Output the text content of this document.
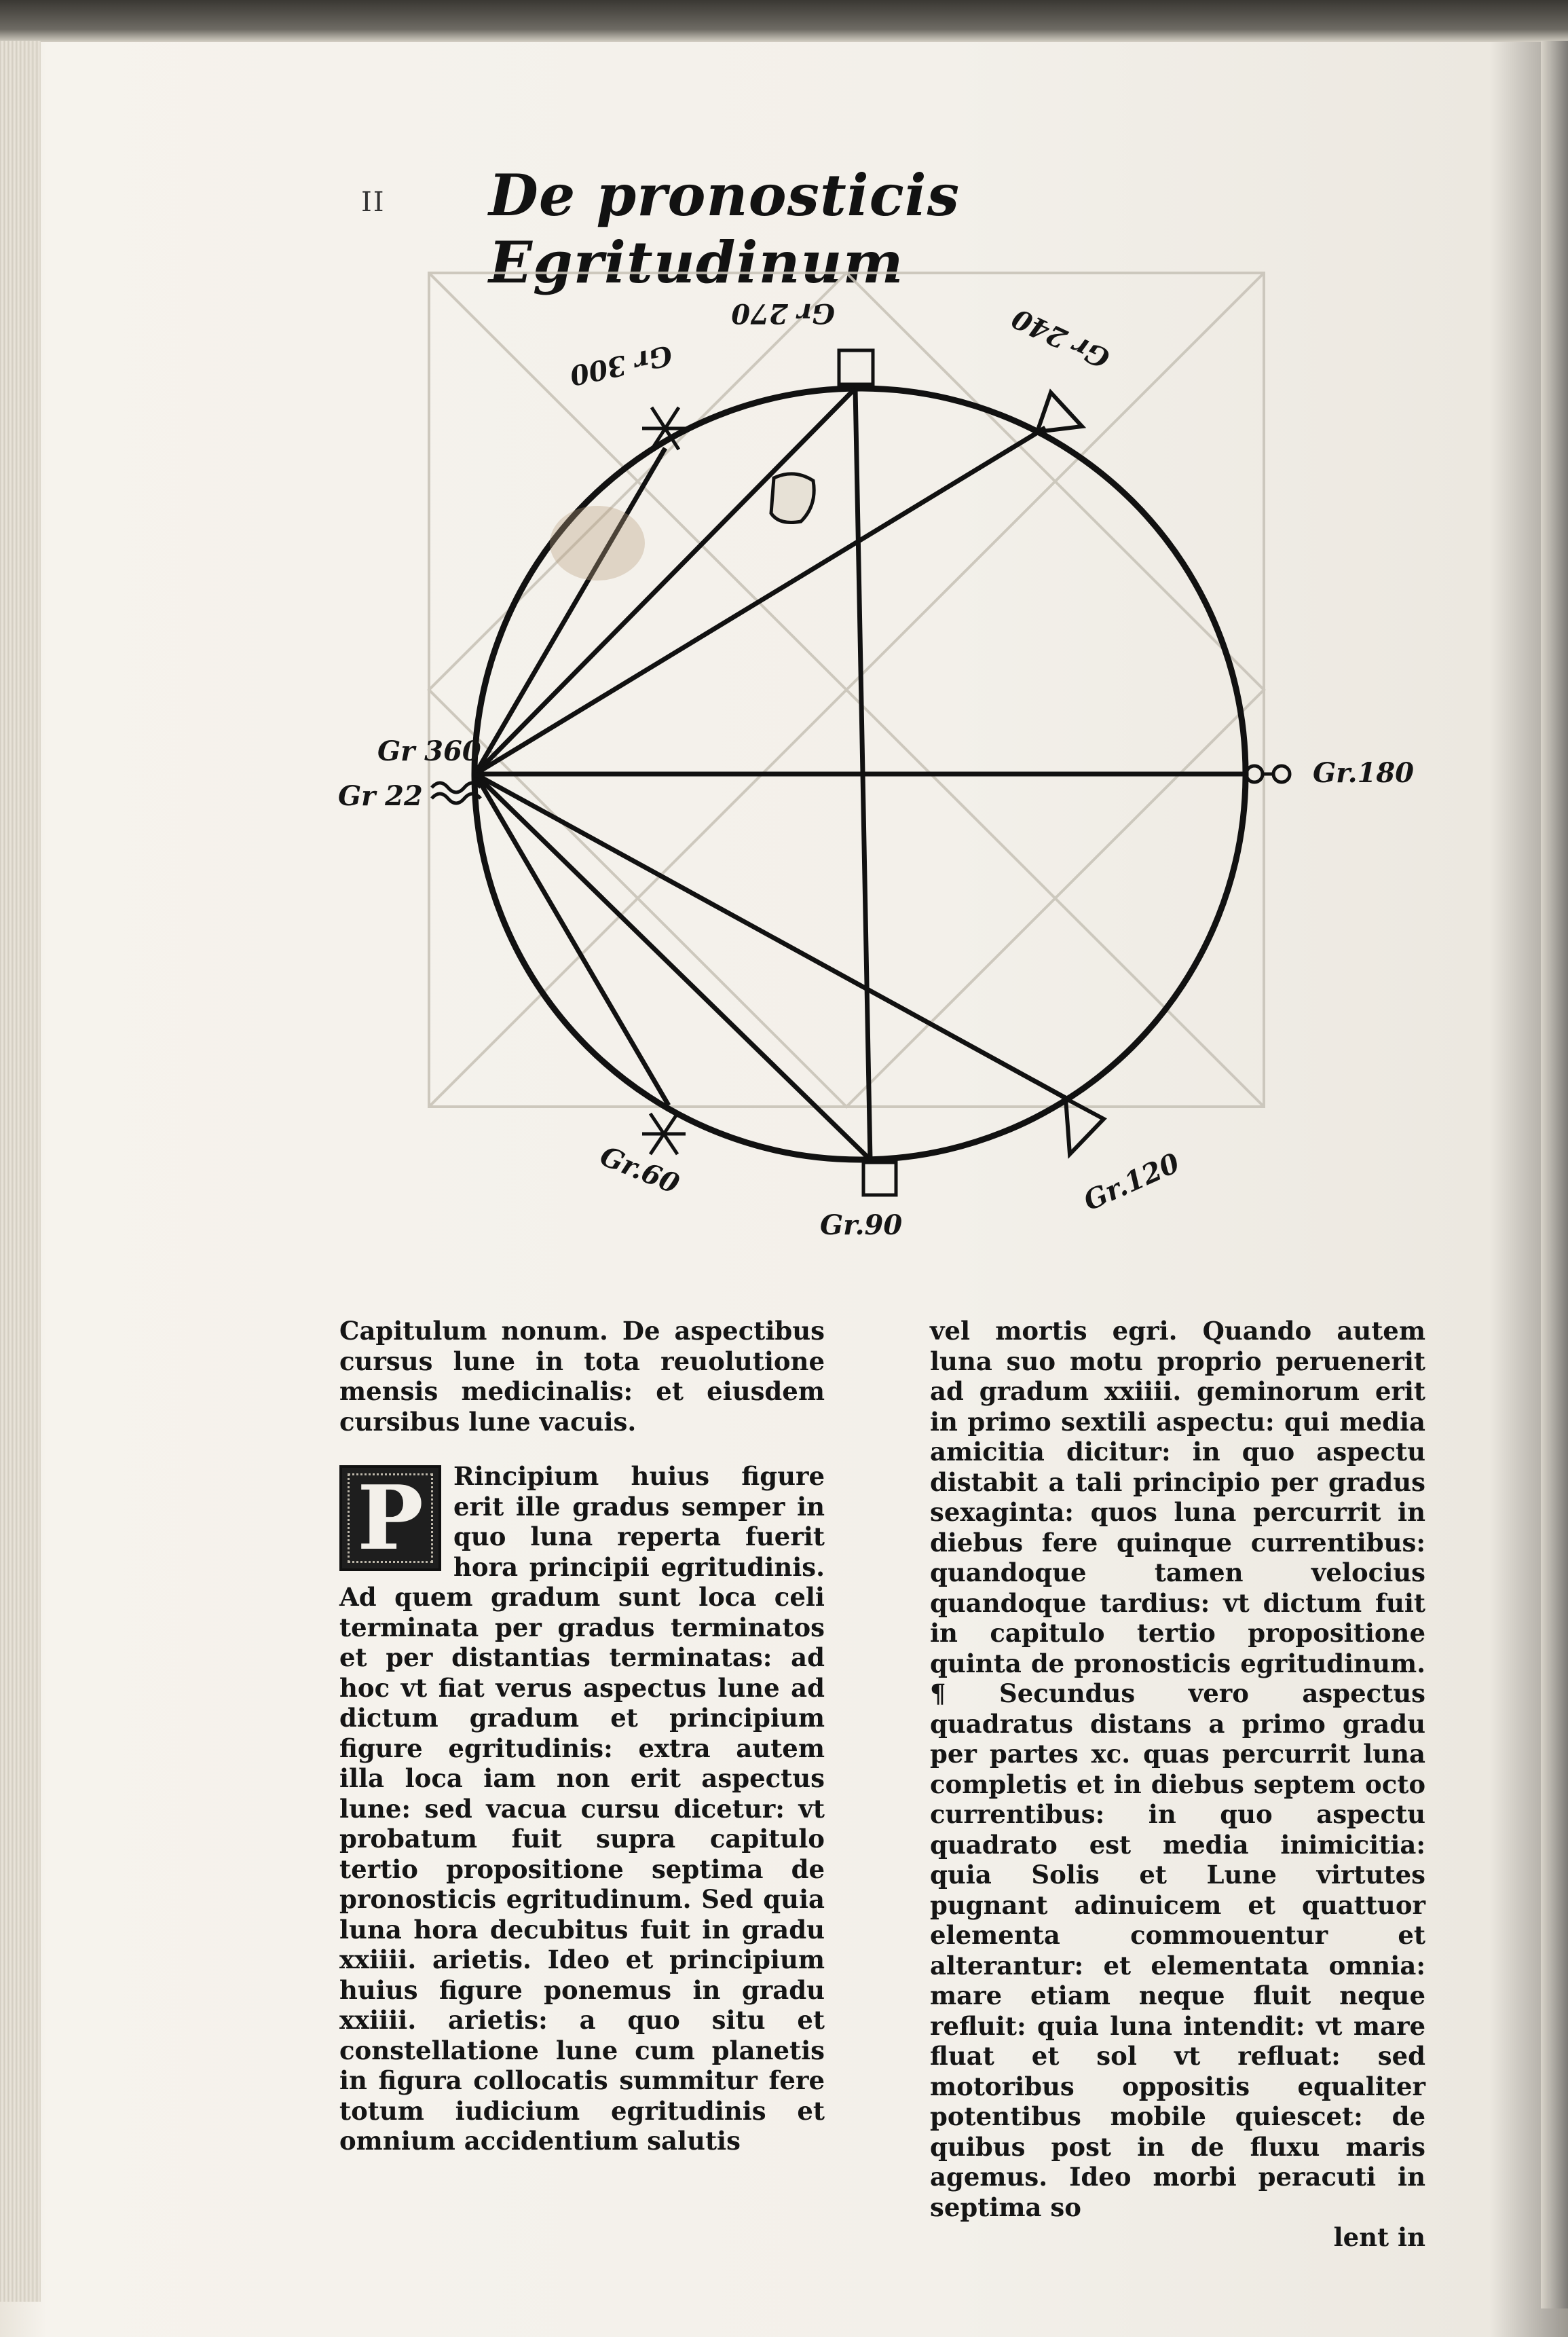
II De pronosticis Egritudinum
Gr 270
Gr 300	Gr 240
Gr 360
Gr 22
Gr.180
Gr.60
Gr.90
Gr.120

Capitulum nonum. De aspectibus cursus lune in tota reuolutione mensis medicinalis: et eiusdem cursibus lune vacuis.

P	Rincipium huius figure erit ille gradus semper in quo luna reperta fuerit hora principii egritudinis. Ad quem gradum sunt loca celi terminata per gradus terminatos et per distantias terminatas: ad hoc vt fiat verus aspectus lune ad dictum gradum et principium figure egritudinis: extra autem illa loca iam non erit aspectus lune: sed vacua cursu dicetur: vt probatum fuit supra capitulo tertio propositione septima de pronosticis egritudinum. Sed quia luna hora decubitus fuit in gradu xxiiii. arietis. Ideo et principium huius figure ponemus in gradu xxiiii. arietis: a quo situ et constellatione lune cum planetis in figura collocatis summitur fere totum iudicium egritudinis et omnium accidentium salutis

vel mortis egri. Quando autem luna suo motu proprio peruenerit ad gradum xxiiii. geminorum erit in primo sextili aspectu: qui media amicitia dicitur: in quo aspectu distabit a tali principio per gradus sexaginta: quos luna percurrit in diebus fere quinque currentibus: quandoque tamen velocius quandoque tardius: vt dictum fuit in capitulo tertio propositione quinta de pronosticis egritudinum. ¶ Secundus vero aspectus quadratus distans a primo gradu per partes xc. quas percurrit luna completis et in diebus septem octo currentibus: in quo aspectu quadrato est media inimicitia: quia Solis et Lune virtutes pugnant adinuicem et quattuor elementa commouentur et alterantur: et elementata omnia: mare etiam neque fluit neque refluit: quia luna intendit: vt mare fluat et sol vt refluat: sed motoribus oppositis equaliter potentibus mobile quiescet: de quibus post in de fluxu maris agemus. Ideo morbi peracuti in septima so

lent in
